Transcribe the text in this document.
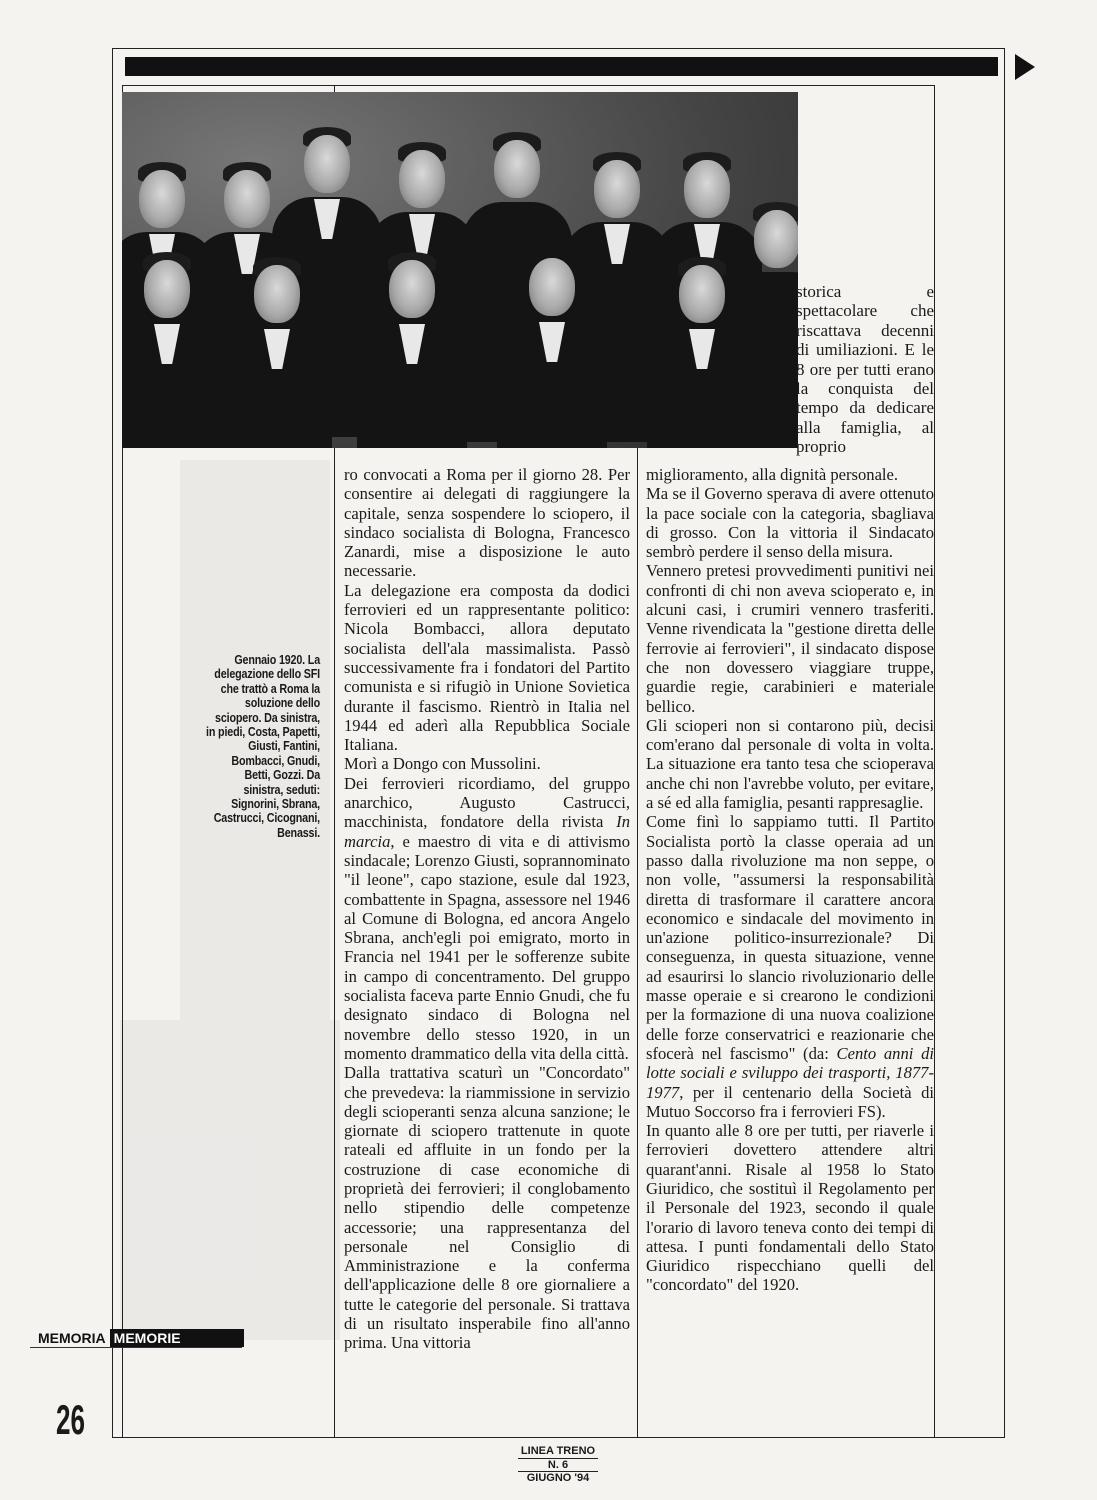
storica e spettacolare che riscattava decenni di umiliazioni. E le 8 ore per tutti erano la conquista del tempo da dedicare alla famiglia, al proprio
Gennaio 1920. La delegazione dello SFI che trattò a Roma la soluzione dello sciopero. Da sinistra, in piedi, Costa, Papetti, Giusti, Fantini, Bombacci, Gnudi, Betti, Gozzi. Da sinistra, seduti: Signorini, Sbrana, Castrucci, Cicognani, Benassi.

ro convocati a Roma per il giorno 28. Per consentire ai delegati di raggiungere la capitale, senza sospendere lo sciopero, il sindaco socialista di Bologna, Francesco Zanardi, mise a disposizione le auto necessarie.

La delegazione era composta da dodici ferrovieri ed un rappresentante politico: Nicola Bombacci, allora deputato socialista dell'ala massimalista. Passò successivamente fra i fondatori del Partito comunista e si rifugiò in Unione Sovietica durante il fascismo. Rientrò in Italia nel 1944 ed aderì alla Repubblica Sociale Italiana.

Morì a Dongo con Mussolini.

Dei ferrovieri ricordiamo, del gruppo anarchico, Augusto Castrucci, macchinista, fondatore della rivista In marcia, e maestro di vita e di attivismo sindacale; Lorenzo Giusti, soprannominato "il leone", capo stazione, esule dal 1923, combattente in Spagna, assessore nel 1946 al Comune di Bologna, ed ancora Angelo Sbrana, anch'egli poi emigrato, morto in Francia nel 1941 per le sofferenze subite in campo di concentramento. Del gruppo socialista faceva parte Ennio Gnudi, che fu designato sindaco di Bologna nel novembre dello stesso 1920, in un momento drammatico della vita della città.

Dalla trattativa scaturì un "Concordato" che prevedeva: la riammissione in servizio degli scioperanti senza alcuna sanzione; le giornate di sciopero trattenute in quote rateali ed affluite in un fondo per la costruzione di case economiche di proprietà dei ferrovieri; il conglobamento nello stipendio delle competenze accessorie; una rappresentanza del personale nel Consiglio di Amministrazione e la conferma dell'applicazione delle 8 ore giornaliere a tutte le categorie del personale. Si trattava di un risultato insperabile fino all'anno prima. Una vittoria

miglioramento, alla dignità personale.

Ma se il Governo sperava di avere ottenuto la pace sociale con la categoria, sbagliava di grosso. Con la vittoria il Sindacato sembrò perdere il senso della misura.

Vennero pretesi provvedimenti punitivi nei confronti di chi non aveva scioperato e, in alcuni casi, i crumiri vennero trasferiti. Venne rivendicata la "gestione diretta delle ferrovie ai ferrovieri", il sindacato dispose che non dovessero viaggiare truppe, guardie regie, carabinieri e materiale bellico.

Gli scioperi non si contarono più, decisi com'erano dal personale di volta in volta. La situazione era tanto tesa che scioperava anche chi non l'avrebbe voluto, per evitare, a sé ed alla famiglia, pesanti rappresaglie.

Come finì lo sappiamo tutti. Il Partito Socialista portò la classe operaia ad un passo dalla rivoluzione ma non seppe, o non volle, "assumersi la responsabilità diretta di trasformare il carattere ancora economico e sindacale del movimento in un'azione politico-insurrezionale? Di conseguenza, in questa situazione, venne ad esaurirsi lo slancio rivoluzionario delle masse operaie e si crearono le condizioni per la formazione di una nuova coalizione delle forze conservatrici e reazionarie che sfocerà nel fascismo" (da: Cento anni di lotte sociali e sviluppo dei trasporti, 1877-1977, per il centenario della Società di Mutuo Soccorso fra i ferrovieri FS).

In quanto alle 8 ore per tutti, per riaverle i ferrovieri dovettero attendere altri quarant'anni. Risale al 1958 lo Stato Giuridico, che sostituì il Regolamento per il Personale del 1923, secondo il quale l'orario di lavoro teneva conto dei tempi di attesa. I punti fondamentali dello Stato Giuridico rispecchiano quelli del "concordato" del 1920.

MEMORIA MEMORIE
26
LINEA TRENO
N. 6
GIUGNO '94
